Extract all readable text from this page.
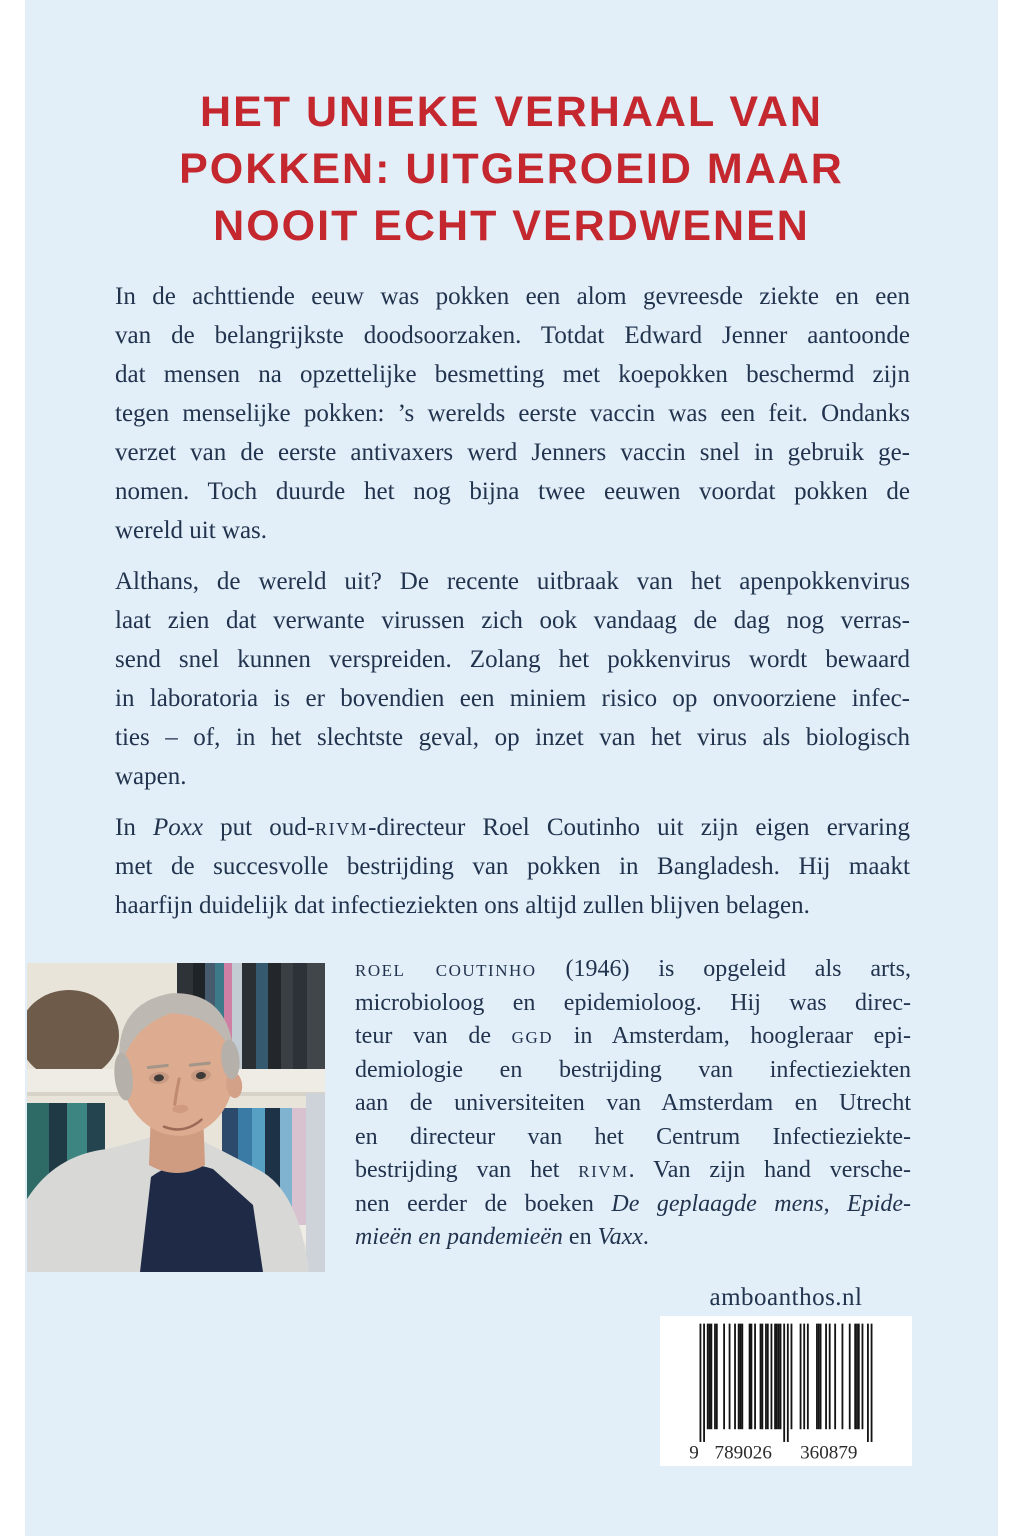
HET UNIEKE VERHAAL VAN
POKKEN: UITGEROEID MAAR
NOOIT ECHT VERDWENEN
In de achttiende eeuw was pokken een alom gevreesde ziekte en een
van de belangrijkste doodsoorzaken. Totdat Edward Jenner aantoonde
dat mensen na opzettelijke besmetting met koepokken beschermd zijn
tegen menselijke pokken: ’s werelds eerste vaccin was een feit. Ondanks
verzet van de eerste antivaxers werd Jenners vaccin snel in gebruik ge-
nomen. Toch duurde het nog bijna twee eeuwen voordat pokken de
wereld uit was.
Althans, de wereld uit? De recente uitbraak van het apenpokkenvirus
laat zien dat verwante virussen zich ook vandaag de dag nog verras-
send snel kunnen verspreiden. Zolang het pokkenvirus wordt bewaard
in laboratoria is er bovendien een miniem risico op onvoorziene infec-
ties – of, in het slechtste geval, op inzet van het virus als biologisch
wapen.
In Poxx put oud-rivm-directeur Roel Coutinho uit zijn eigen ervaring
met de succesvolle bestrijding van pokken in Bangladesh. Hij maakt
haarfijn duidelijk dat infectieziekten ons altijd zullen blijven belagen.
roel coutinho (1946) is opgeleid als arts,
microbioloog en epidemioloog. Hij was direc-
teur van de ggd in Amsterdam, hoogleraar epi-
demiologie en bestrijding van infectieziekten
aan de universiteiten van Amsterdam en Utrecht
en directeur van het Centrum Infectieziekte-
bestrijding van het rivm. Van zijn hand versche-
nen eerder de boeken De geplaagde mens, Epide-
mieën en pandemieën en Vaxx.
amboanthos.nl
9 789026	360879
